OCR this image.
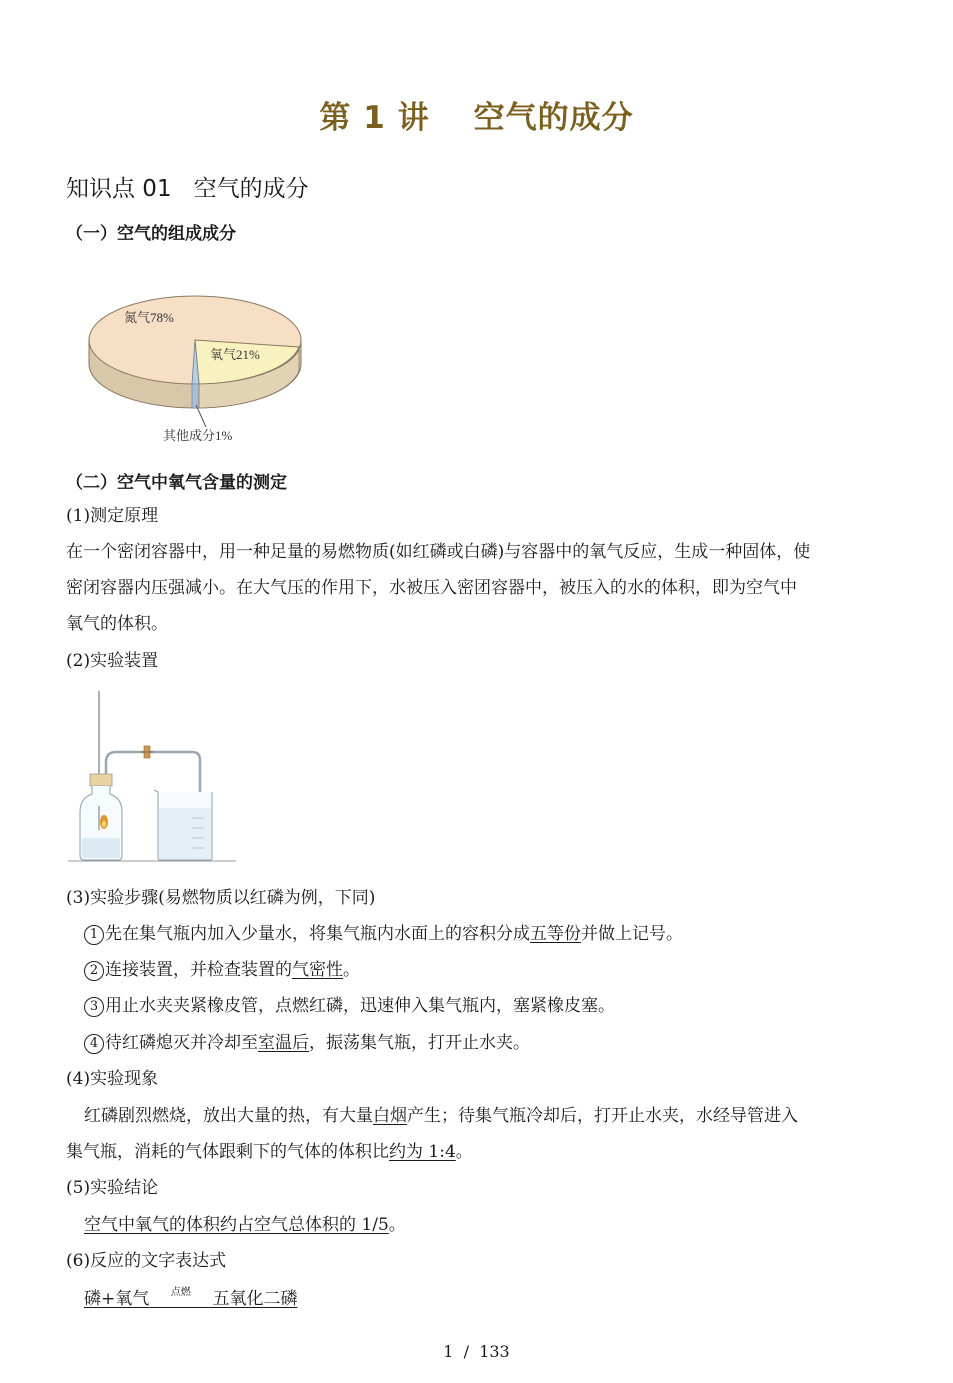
第 1 讲 空气的成分
知识点 01 空气的成分
（一）空气的组成成分
氮气78%
氧气21%
其他成分1%
（二）空气中氧气含量的测定
(1)测定原理
在一个密闭容器中，用一种足量的易燃物质(如红磷或白磷)与容器中的氧气反应，生成一种固体，使
密闭容器内压强减小。在大气压的作用下，水被压入密团容器中，被压入的水的体积，即为空气中
氧气的体积。
(2)实验装置
(3)实验步骤(易燃物质以红磷为例，下同)
1 先在集气瓶内加入少量水，将集气瓶内水面上的容积分成五等份并做上记号。
2 连接装置，并检查装置的气密性。
3 用止水夹夹紧橡皮管，点燃红磷，迅速伸入集气瓶内，塞紧橡皮塞。
4 待红磷熄灭并冷却至室温后，振荡集气瓶，打开止水夹。
(4)实验现象
红磷剧烈燃烧，放出大量的热，有大量白烟产生；待集气瓶冷却后，打开止水夹，水经导管进入
集气瓶，消耗的气体跟剩下的气体的体积比约为 1:4。
(5)实验结论
空气中氧气的体积约占空气总体积的 1/5。
(6)反应的文字表达式
磷+氧气 $^{点燃}$ 五氧化二磷
1 / 133
